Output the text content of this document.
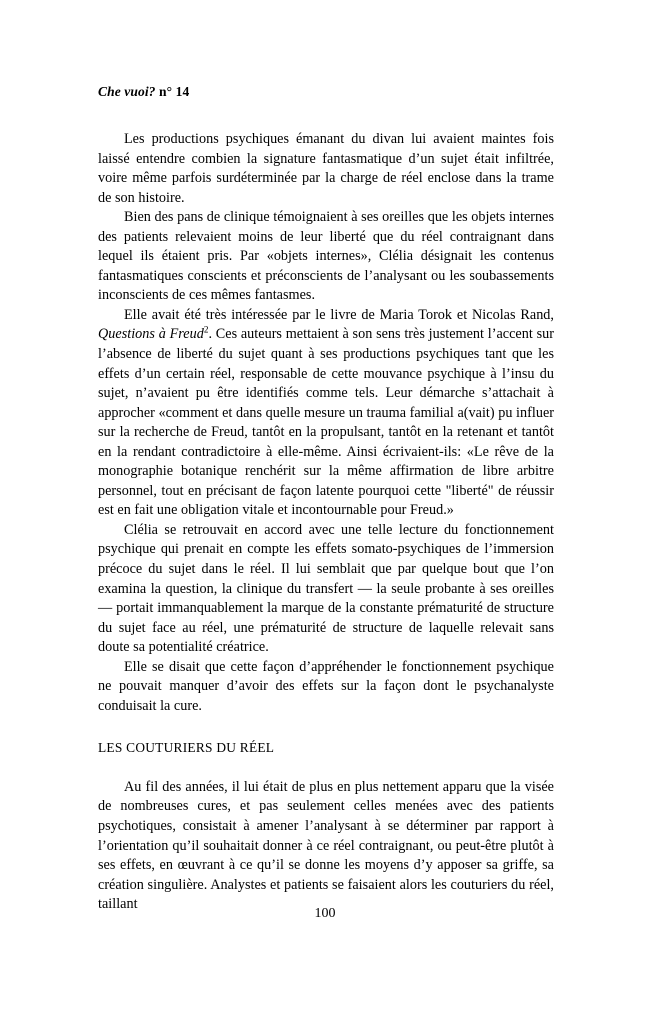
Che vuoi? n° 14

Les productions psychiques émanant du divan lui avaient maintes fois laissé entendre combien la signature fantasmatique d’un sujet était infiltrée, voire même parfois surdéterminée par la charge de réel enclose dans la trame de son histoire.

Bien des pans de clinique témoignaient à ses oreilles que les objets internes des patients relevaient moins de leur liberté que du réel contraignant dans lequel ils étaient pris. Par «objets internes», Clélia désignait les contenus fantasmatiques conscients et préconscients de l’analysant ou les soubassements inconscients de ces mêmes fantasmes.

Elle avait été très intéressée par le livre de Maria Torok et Nicolas Rand, Questions à Freud$^2$. Ces auteurs mettaient à son sens très justement l’accent sur l’absence de liberté du sujet quant à ses productions psychiques tant que les effets d’un certain réel, responsable de cette mouvance psychique à l’insu du sujet, n’avaient pu être identifiés comme tels. Leur démarche s’attachait à approcher «comment et dans quelle mesure un trauma familial a(vait) pu influer sur la recherche de Freud, tantôt en la propulsant, tantôt en la retenant et tantôt en la rendant contradictoire à elle-même. Ainsi écrivaient-ils: «Le rêve de la monographie botanique renchérit sur la même affirmation de libre arbitre personnel, tout en précisant de façon latente pourquoi cette "liberté" de réussir est en fait une obligation vitale et incontournable pour Freud.»

Clélia se retrouvait en accord avec une telle lecture du fonctionnement psychique qui prenait en compte les effets somato-psychiques de l’immersion précoce du sujet dans le réel. Il lui semblait que par quelque bout que l’on examina la question, la clinique du transfert — la seule probante à ses oreilles — portait immanquablement la marque de la constante prématurité de structure du sujet face au réel, une prématurité de structure de laquelle relevait sans doute sa potentialité créatrice.

Elle se disait que cette façon d’appréhender le fonctionnement psychique ne pouvait manquer d’avoir des effets sur la façon dont le psychanalyste conduisait la cure.

LES COUTURIERS DU RÉEL

Au fil des années, il lui était de plus en plus nettement apparu que la visée de nombreuses cures, et pas seulement celles menées avec des patients psychotiques, consistait à amener l’analysant à se déterminer par rapport à l’orientation qu’il souhaitait donner à ce réel contraignant, ou peut-être plutôt à ses effets, en œuvrant à ce qu’il se donne les moyens d’y apposer sa griffe, sa création singulière. Analystes et patients se faisaient alors les couturiers du réel, taillant

100
